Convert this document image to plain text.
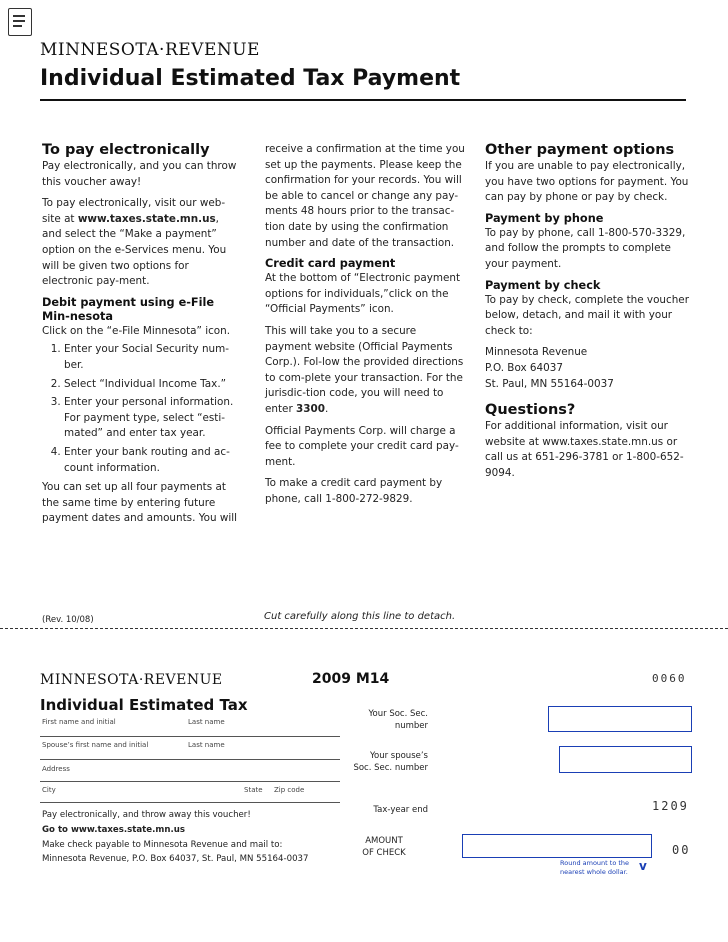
MINNESOTA·REVENUE
Individual Estimated Tax Payment
To pay electronically

Pay electronically, and you can throw this voucher away!

To pay electronically, visit our web-site at www.taxes.state.mn.us, and select the “Make a payment” option on the e-Services menu. You will be given two options for electronic pay-ment.

Debit payment using e-File Min-nesota

Click on the “e-File Minnesota” icon.

1. Enter your Social Security num-ber.
2. Select “Individual Income Tax.”
3. Enter your personal information. For payment type, select “esti-mated” and enter tax year.
4. Enter your bank routing and ac-count information.

You can set up all four payments at the same time by entering future payment dates and amounts. You will

receive a confirmation at the time you set up the payments. Please keep the confirmation for your records. You will be able to cancel or change any pay-ments 48 hours prior to the transac-tion date by using the confirmation number and date of the transaction.

Credit card payment

At the bottom of “Electronic payment options for individuals,”click on the “Official Payments” icon.

This will take you to a secure payment website (Official Payments Corp.). Fol-low the provided directions to com-plete your transaction. For the jurisdic-tion code, you will need to enter 3300.

Official Payments Corp. will charge a fee to complete your credit card pay-ment.

To make a credit card payment by phone, call 1-800-272-9829.

Other payment options

If you are unable to pay electronically, you have two options for payment. You can pay by phone or pay by check.

Payment by phone

To pay by phone, call 1-800-570-3329, and follow the prompts to complete your payment.

Payment by check

To pay by check, complete the voucher below, detach, and mail it with your check to:

Minnesota Revenue
P.O. Box 64037
St. Paul, MN 55164-0037
Questions?

For additional information, visit our website at www.taxes.state.mn.us or call us at 651-296-3781 or 1-800-652-9094.

(Rev. 10/08)	Cut carefully along this line to detach.
MINNESOTA·REVENUE	2009 M14	0060
Individual Estimated Tax
First name and initial	Last name
Spouse’s first name and initial	Last name
Address
City	State Zip code
Your Soc. Sec.
number
Your spouse’s
Soc. Sec. number
Tax-year end	1209
AMOUNT
OF CHECK	00
Round amount to the
nearest whole dollar. v
Pay electronically, and throw away this voucher!
Go to www.taxes.state.mn.us
Make check payable to Minnesota Revenue and mail to:
Minnesota Revenue, P.O. Box 64037, St. Paul, MN 55164-0037
